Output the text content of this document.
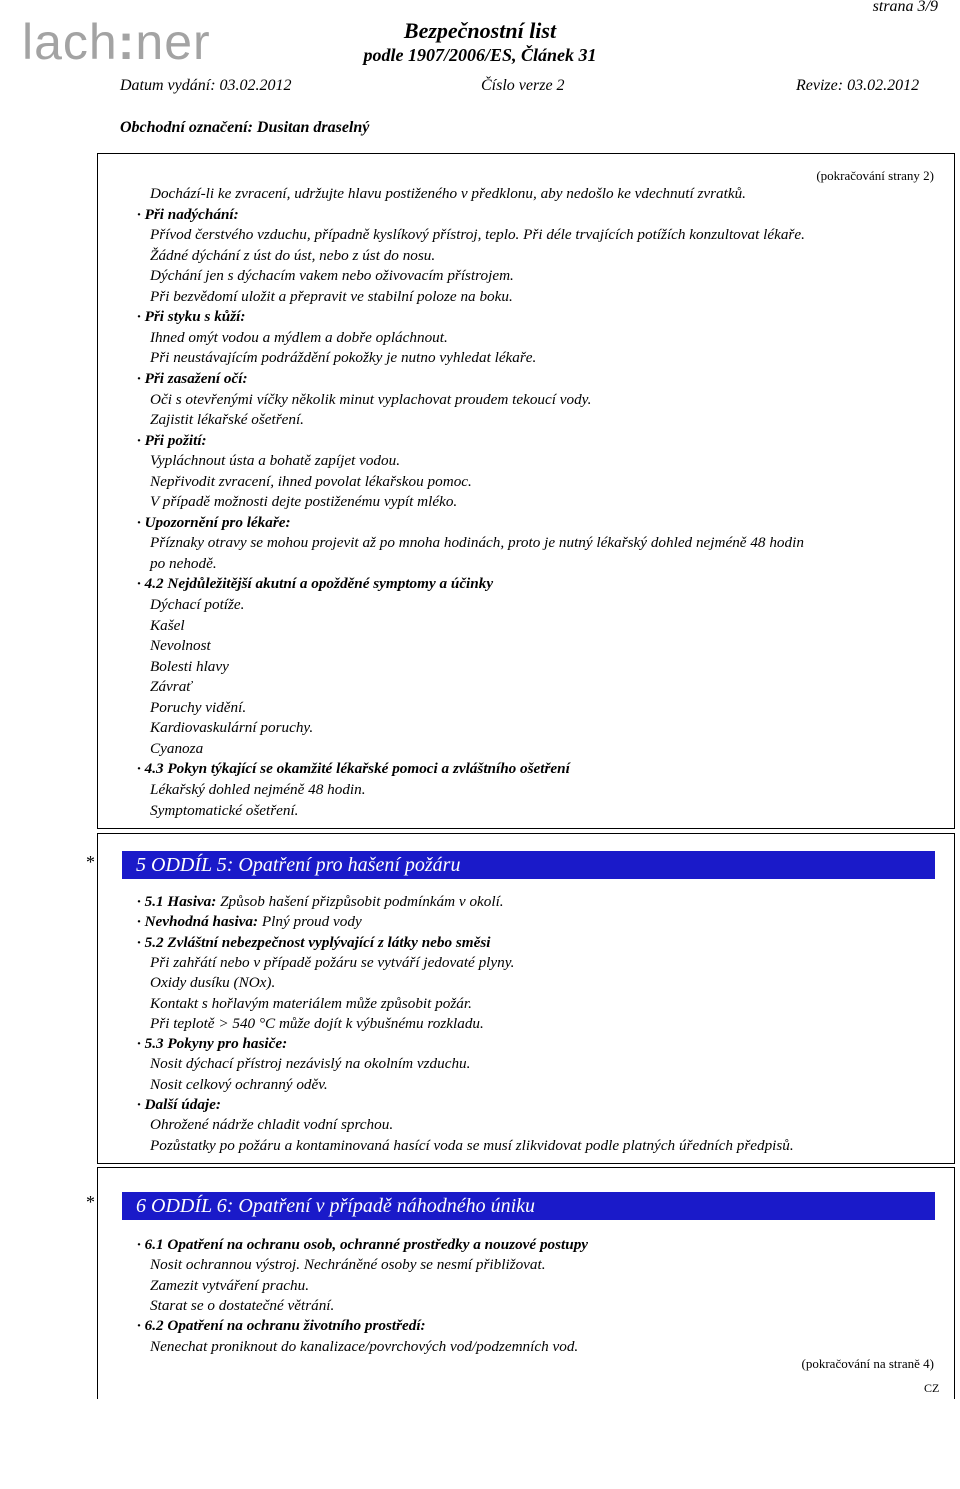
lach:ner	Bezpečnostní list
podle 1907/2006/ES, Článek 31
strana 3/9
Datum vydání: 03.02.2012	Číslo verze 2	Revize: 03.02.2012
Obchodní označení: Dusitan draselný
(pokračování strany 2)
Dochází-li ke zvracení, udržujte hlavu postiženého v předklonu, aby nedošlo ke vdechnutí zvratků.
· Při nadýchání:
Přívod čerstvého vzduchu, případně kyslíkový přístroj, teplo. Při déle trvajících potížích konzultovat lékaře.
Žádné dýchání z úst do úst, nebo z úst do nosu.
Dýchání jen s dýchacím vakem nebo oživovacím přístrojem.
Při bezvědomí uložit a přepravit ve stabilní poloze na boku.
· Při styku s kůží:
Ihned omýt vodou a mýdlem a dobře opláchnout.
Při neustávajícím podráždění pokožky je nutno vyhledat lékaře.
· Při zasažení očí:
Oči s otevřenými víčky několik minut vyplachovat proudem tekoucí vody.
Zajistit lékařské ošetření.
· Při požití:
Vypláchnout ústa a bohatě zapíjet vodou.
Nepřivodit zvracení, ihned povolat lékařskou pomoc.
V případě možnosti dejte postiženému vypít mléko.
· Upozornění pro lékaře:
Příznaky otravy se mohou projevit až po mnoha hodinách, proto je nutný lékařský dohled nejméně 48 hodin
po nehodě.
· 4.2 Nejdůležitější akutní a opožděné symptomy a účinky
Dýchací potíže.
Kašel
Nevolnost
Bolesti hlavy
Závrať
Poruchy vidění.
Kardiovaskulární poruchy.
Cyanoza
· 4.3 Pokyn týkající se okamžité lékařské pomoci a zvláštního ošetření
Lékařský dohled nejméně 48 hodin.
Symptomatické ošetření.
*	5 ODDÍL 5: Opatření pro hašení požáru
· 5.1 Hasiva: Způsob hašení přizpůsobit podmínkám v okolí.
· Nevhodná hasiva: Plný proud vody
· 5.2 Zvláštní nebezpečnost vyplývající z látky nebo směsi
Při zahřátí nebo v případě požáru se vytváří jedovaté plyny.
Oxidy dusíku (NOx).
Kontakt s hořlavým materiálem může způsobit požár.
Při teplotě > 540 °C může dojít k výbušnému rozkladu.
· 5.3 Pokyny pro hasiče:
Nosit dýchací přístroj nezávislý na okolním vzduchu.
Nosit celkový ochranný oděv.
· Další údaje:
Ohrožené nádrže chladit vodní sprchou.
Pozůstatky po požáru a kontaminovaná hasící voda se musí zlikvidovat podle platných úředních předpisů.
*	6 ODDÍL 6: Opatření v případě náhodného úniku
· 6.1 Opatření na ochranu osob, ochranné prostředky a nouzové postupy
Nosit ochrannou výstroj. Nechráněné osoby se nesmí přibližovat.
Zamezit vytváření prachu.
Starat se o dostatečné větrání.
· 6.2 Opatření na ochranu životního prostředí:
Nenechat proniknout do kanalizace/povrchových vod/podzemních vod.
(pokračování na straně 4)
CZ
